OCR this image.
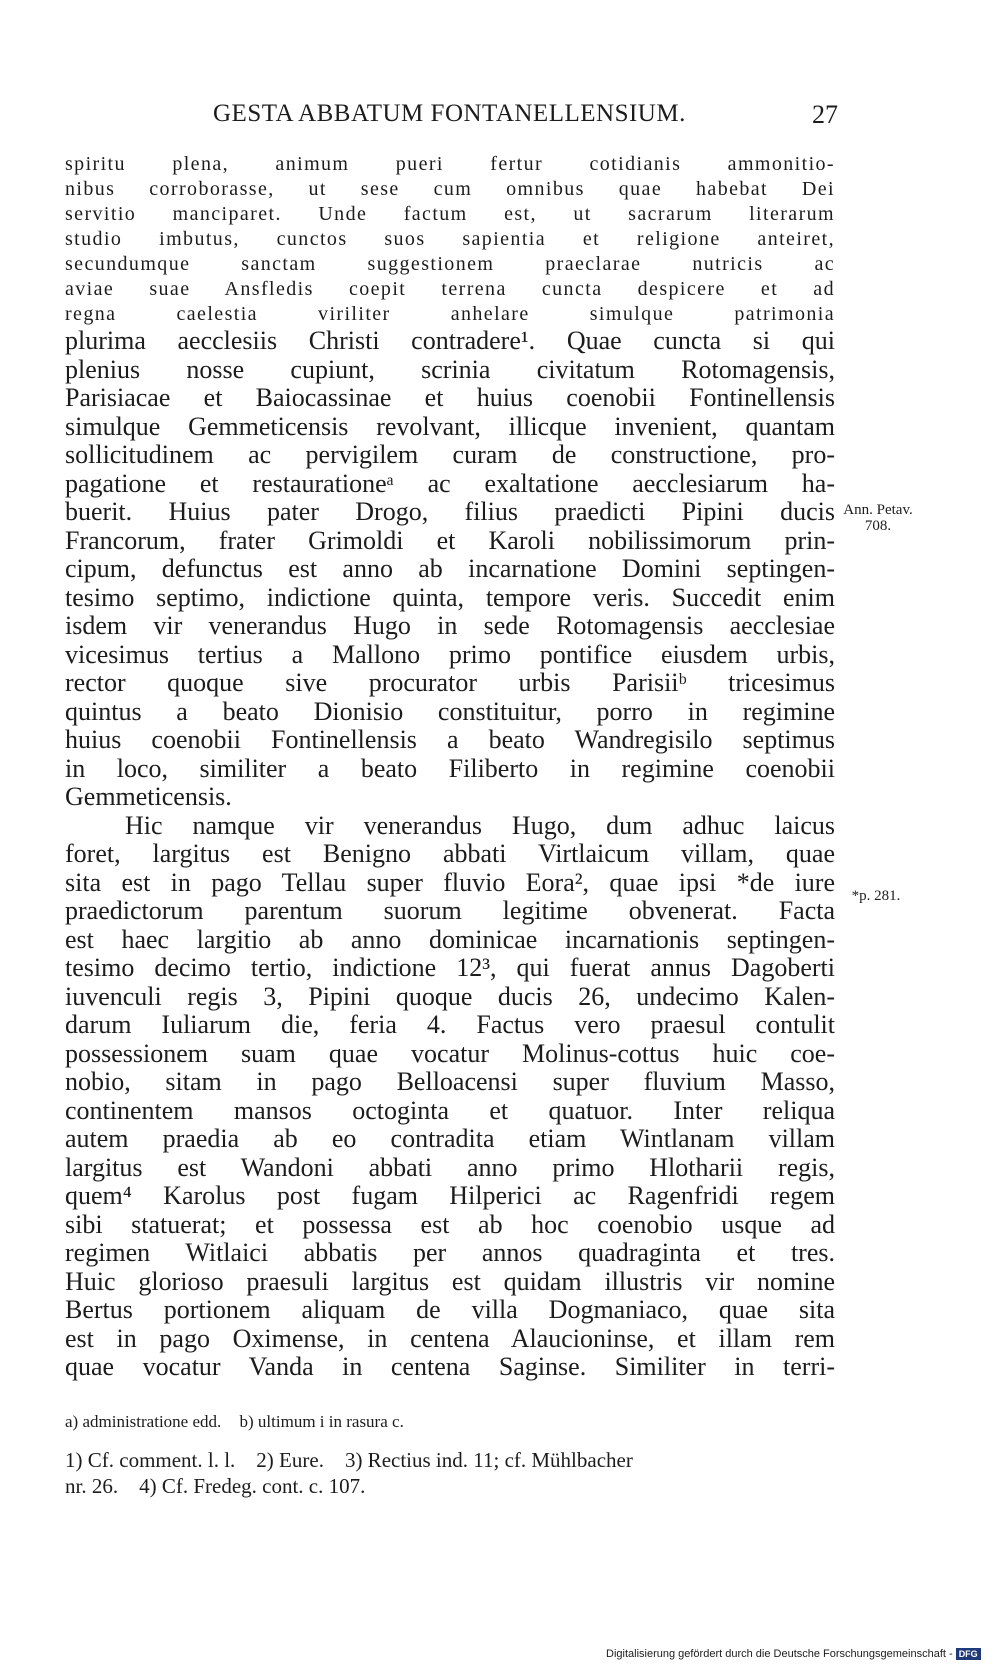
GESTA ABBATUM FONTANELLENSIUM.	27
spiritu plena, animum pueri fertur cotidianis ammonitio-
nibus corroborasse, ut sese cum omnibus quae habebat Dei
servitio manciparet. Unde factum est, ut sacrarum literarum
studio imbutus, cunctos suos sapientia et religione anteiret,
secundumque sanctam suggestionem praeclarae nutricis ac
aviae suae Ansfledis coepit terrena cuncta despicere et ad
regna caelestia viriliter anhelare simulque patrimonia
plurima aecclesiis Christi contradere¹. Quae cuncta si qui
plenius nosse cupiunt, scrinia civitatum Rotomagensis,
Parisiacae et Baiocassinae et huius coenobii Fontinellensis
simulque Gemmeticensis revolvant, illicque invenient, quantam
sollicitudinem ac pervigilem curam de constructione, pro-
pagatione et restaurationeᵃ ac exaltatione aecclesiarum ha-
buerit. Huius pater Drogo, filius praedicti Pipini ducis
Francorum, frater Grimoldi et Karoli nobilissimorum prin-
cipum, defunctus est anno ab incarnatione Domini septingen-
tesimo septimo, indictione quinta, tempore veris. Succedit enim
isdem vir venerandus Hugo in sede Rotomagensis aecclesiae
vicesimus tertius a Mallono primo pontifice eiusdem urbis,
rector quoque sive procurator urbis Parisiiᵇ tricesimus
quintus a beato Dionisio constituitur, porro in regimine
huius coenobii Fontinellensis a beato Wandregisilo septimus
in loco, similiter a beato Filiberto in regimine coenobii
Gemmeticensis.
Hic namque vir venerandus Hugo, dum adhuc laicus
foret, largitus est Benigno abbati Virtlaicum villam, quae
sita est in pago Tellau super fluvio Eora², quae ipsi *de iure
praedictorum parentum suorum legitime obvenerat. Facta
est haec largitio ab anno dominicae incarnationis septingen-
tesimo decimo tertio, indictione 12³, qui fuerat annus Dagoberti
iuvenculi regis 3, Pipini quoque ducis 26, undecimo Kalen-
darum Iuliarum die, feria 4. Factus vero praesul contulit
possessionem suam quae vocatur Molinus-cottus huic coe-
nobio, sitam in pago Belloacensi super fluvium Masso,
continentem mansos octoginta et quatuor. Inter reliqua
autem praedia ab eo contradita etiam Wintlanam villam
largitus est Wandoni abbati anno primo Hlotharii regis,
quem⁴ Karolus post fugam Hilperici ac Ragenfridi regem
sibi statuerat; et possessa est ab hoc coenobio usque ad
regimen Witlaici abbatis per annos quadraginta et tres.
Huic glorioso praesuli largitus est quidam illustris vir nomine
Bertus portionem aliquam de villa Dogmaniaco, quae sita
est in pago Oximense, in centena Alaucioninse, et illam rem
quae vocatur Vanda in centena Saginse. Similiter in terri-
Ann. Petav.
708.
*p. 281.
a) administratione edd. b) ultimum i in rasura c.
1) Cf. comment. l. l.    2) Eure.    3) Rectius ind. 11; cf. Mühlbacher
nr. 26.    4) Cf. Fredeg. cont. c. 107.
Digitalisierung gefördert durch die Deutsche Forschungsgemeinschaft - DFG
